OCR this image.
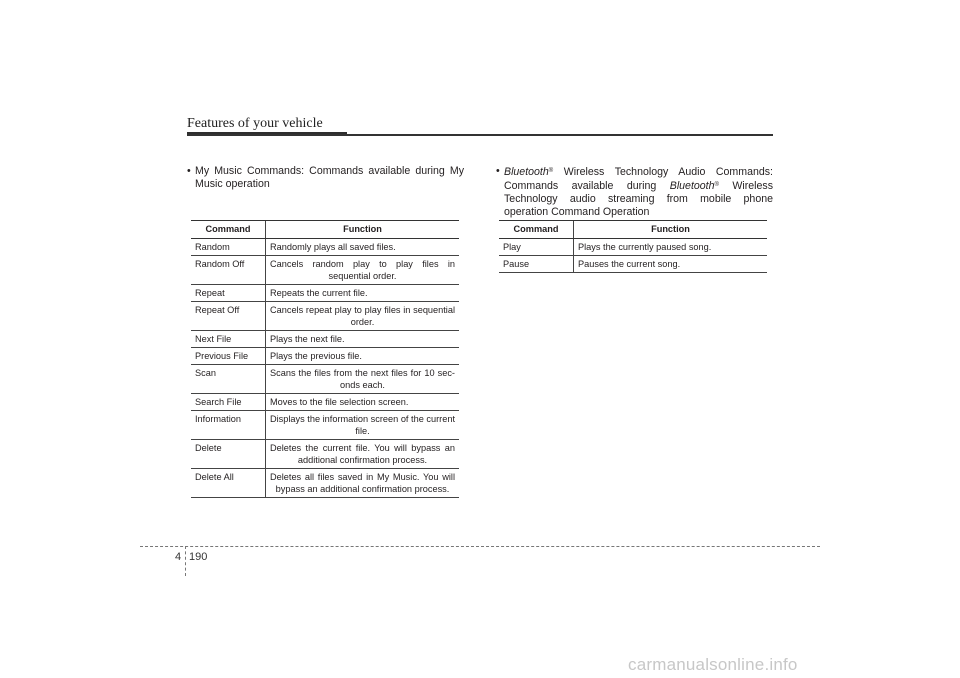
Features of your vehicle
• My Music Commands: Commands available during My Music operation
• Bluetooth® Wireless Technology Audio Commands: Commands available during Bluetooth® Wireless Technology audio streaming from mobile phone operation Command Operation
Command	Function
Random	Randomly plays all saved files.
Random Off	Cancels random play to play files in sequential order.
Repeat	Repeats the current file.
Repeat Off	Cancels repeat play to play files in sequential order.
Next File	Plays the next file.
Previous File	Plays the previous file.
Scan	Scans the files from the next files for 10 sec- onds each.
Search File	Moves to the file selection screen.
Information	Displays the information screen of the current file.
Delete	Deletes the current file. You will bypass an additional confirmation process.
Delete All	Deletes all files saved in My Music. You will bypass an additional confirmation process.
Command	Function
Play	Plays the currently paused song.
Pause	Pauses the current song.
4 190
carmanualsonline.info
